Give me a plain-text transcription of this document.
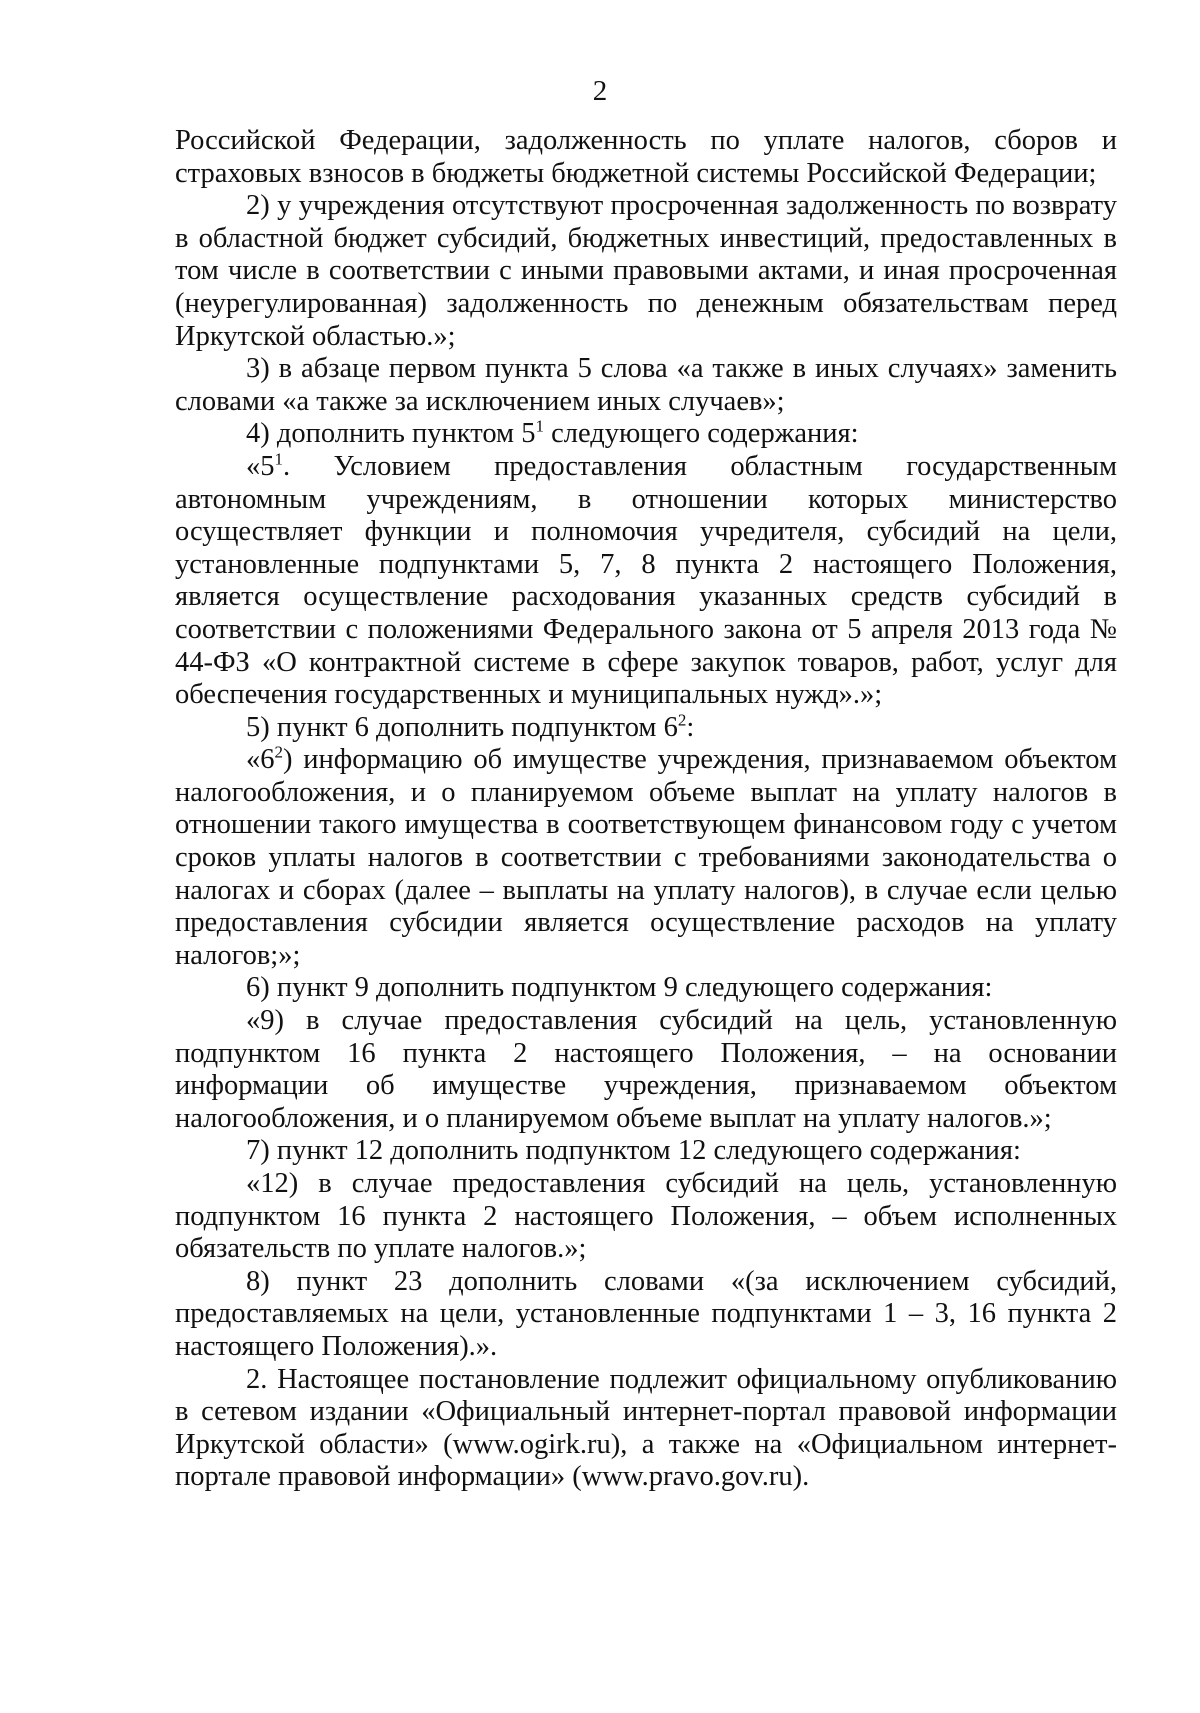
2

Российской Федерации, задолженность по уплате налогов, сборов и страховых взносов в бюджеты бюджетной системы Российской Федерации;

2) у учреждения отсутствуют просроченная задолженность по возврату в областной бюджет субсидий, бюджетных инвестиций, предоставленных в том числе в соответствии с иными правовыми актами, и иная просроченная (неурегулированная) задолженность по денежным обязательствам перед Иркутской областью.»;

3) в абзаце первом пункта 5 слова «а также в иных случаях» заменить словами «а также за исключением иных случаев»;

4) дополнить пунктом $5^1$ следующего содержания:

«$5^1$. Условием предоставления областным государственным автономным учреждениям, в отношении которых министерство осуществляет функции и полномочия учредителя, субсидий на цели, установленные подпунктами 5, 7, 8 пункта 2 настоящего Положения, является осуществление расходования указанных средств субсидий в соответствии с положениями Федерального закона от 5 апреля 2013 года № 44-ФЗ «О контрактной системе в сфере закупок товаров, работ, услуг для обеспечения государственных и муниципальных нужд».»;

5) пункт 6 дополнить подпунктом $6^2$:

«$6^2$) информацию об имуществе учреждения, признаваемом объектом налогообложения, и о планируемом объеме выплат на уплату налогов в отношении такого имущества в соответствующем финансовом году с учетом сроков уплаты налогов в соответствии с требованиями законодательства о налогах и сборах (далее – выплаты на уплату налогов), в случае если целью предоставления субсидии является осуществление расходов на уплату налогов;»;

6) пункт 9 дополнить подпунктом 9 следующего содержания:

«9) в случае предоставления субсидий на цель, установленную подпунктом 16 пункта 2 настоящего Положения, – на основании информации об имуществе учреждения, признаваемом объектом налогообложения, и о планируемом объеме выплат на уплату налогов.»;

7) пункт 12 дополнить подпунктом 12 следующего содержания:

«12) в случае предоставления субсидий на цель, установленную подпунктом 16 пункта 2 настоящего Положения, – объем исполненных обязательств по уплате налогов.»;

8) пункт 23 дополнить словами «(за исключением субсидий, предоставляемых на цели, установленные подпунктами 1 – 3, 16 пункта 2 настоящего Положения).».

2. Настоящее постановление подлежит официальному опубликованию в сетевом издании «Официальный интернет-портал правовой информации Иркутской области» (www.ogirk.ru), а также на «Официальном интернет-портале правовой информации» (www.pravo.gov.ru).
